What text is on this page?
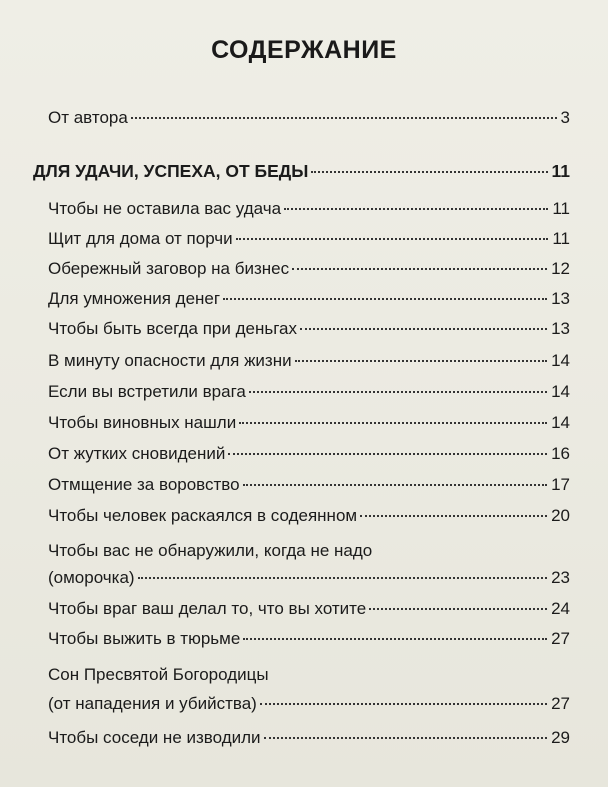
СОДЕРЖАНИЕ
От автора	3
ДЛЯ УДАЧИ, УСПЕХА, ОТ БЕДЫ	11
Чтобы не оставила вас удача	11
Щит для дома от порчи	11
Обережный заговор на бизнес	12
Для умножения денег	13
Чтобы быть всегда при деньгах	13
В минуту опасности для жизни	14
Если вы встретили врага	14
Чтобы виновных нашли	14
От жутких сновидений	16
Отмщение за воровство	17
Чтобы человек раскаялся в содеянном	20
Чтобы вас не обнаружили, когда не надо
(оморочка)	23
Чтобы враг ваш делал то, что вы хотите	24
Чтобы выжить в тюрьме	27
Сон Пресвятой Богородицы
(от нападения и убийства)	27
Чтобы соседи не изводили	29
